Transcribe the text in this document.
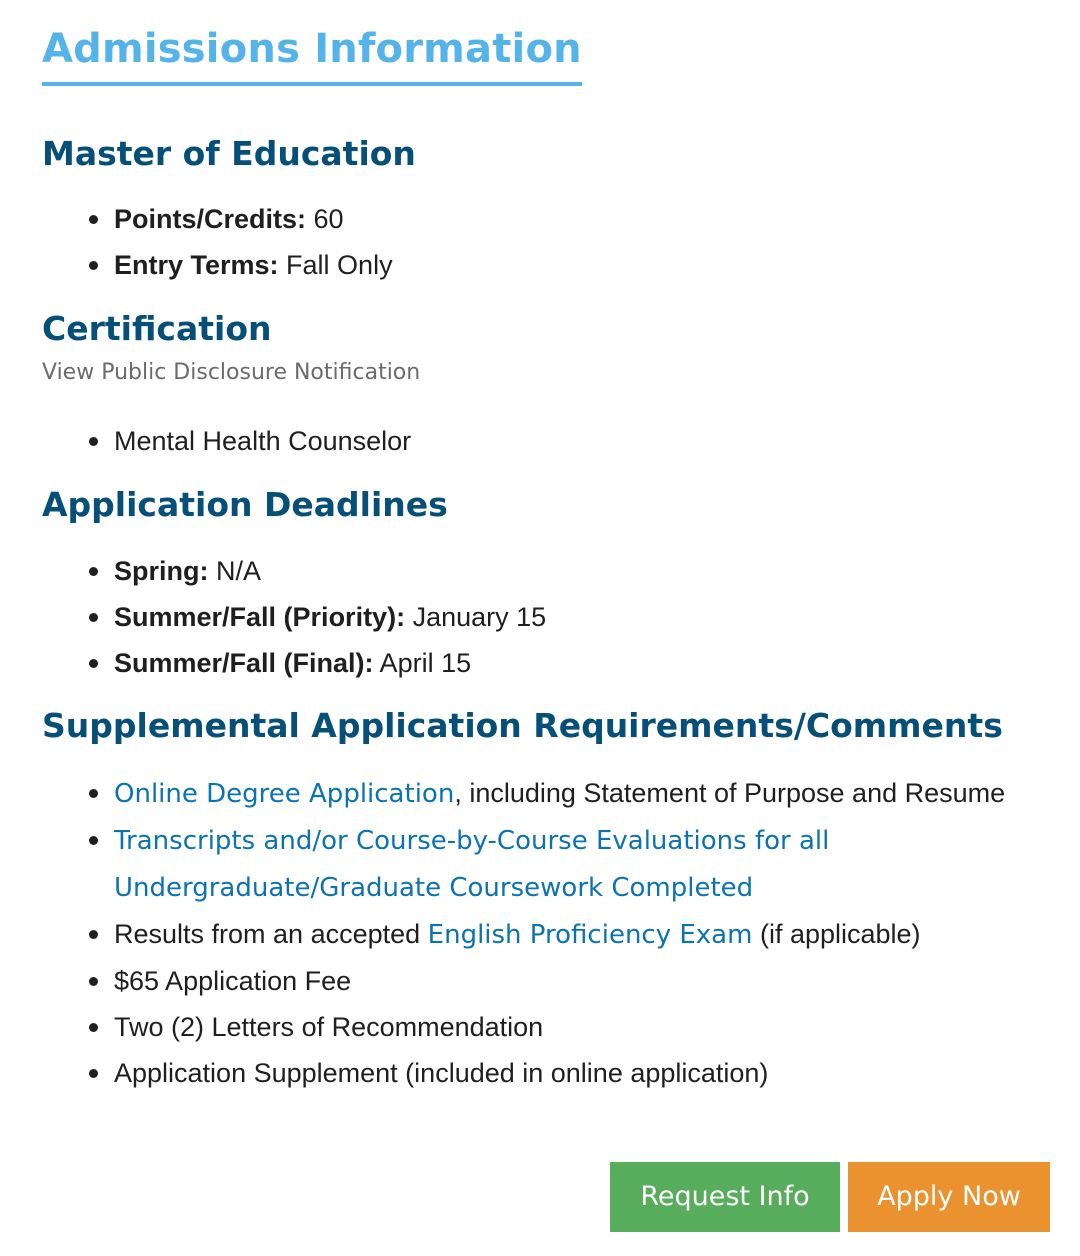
Admissions Information
Master of Education
Points/Credits: 60
Entry Terms: Fall Only
Certification
View Public Disclosure Notification
Mental Health Counselor
Application Deadlines
Spring: N/A
Summer/Fall (Priority): January 15
Summer/Fall (Final): April 15
Supplemental Application Requirements/Comments
Online Degree Application, including Statement of Purpose and Resume
Transcripts and/or Course-by-Course Evaluations for all Undergraduate/Graduate Coursework Completed
Results from an accepted English Proficiency Exam (if applicable)
$65 Application Fee
Two (2) Letters of Recommendation
Application Supplement (included in online application)
Request Info	Apply Now
